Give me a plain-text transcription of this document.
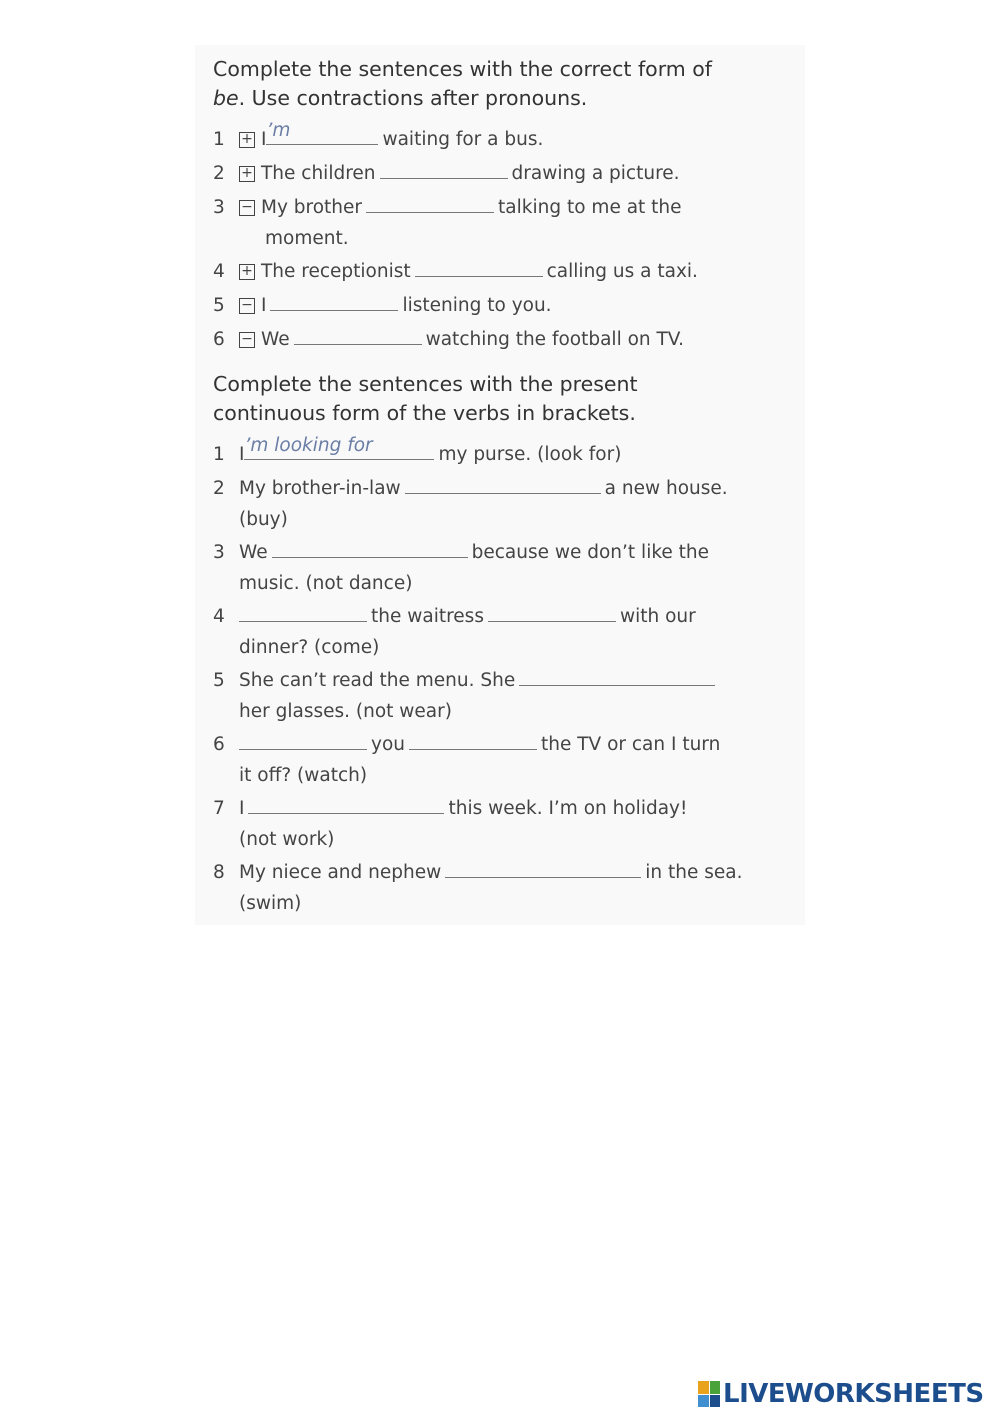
Complete the sentences with the correct form of
be. Use contractions after pronouns.
1 + I ’m	waiting for a bus.
2 + The children	drawing a picture.
3 − My brother	talking to me at the
moment.
4 + The receptionist	calling us a taxi.
5 − I	listening to you.
6 − We	watching the football on TV.
Complete the sentences with the present
continuous form of the verbs in brackets.
1 I ’m looking for	my purse. (look for)
2 My brother-in-law	a new house.
(buy)
3 We	because we don’t like the
music. (not dance)
4	the waitress	with our
dinner? (come)
5 She can’t read the menu. She
her glasses. (not wear)
6	you	the TV or can I turn
it off? (watch)
7 I	this week. I’m on holiday!
(not work)
8 My niece and nephew	in the sea.
(swim)
LIVEWORKSHEETS
